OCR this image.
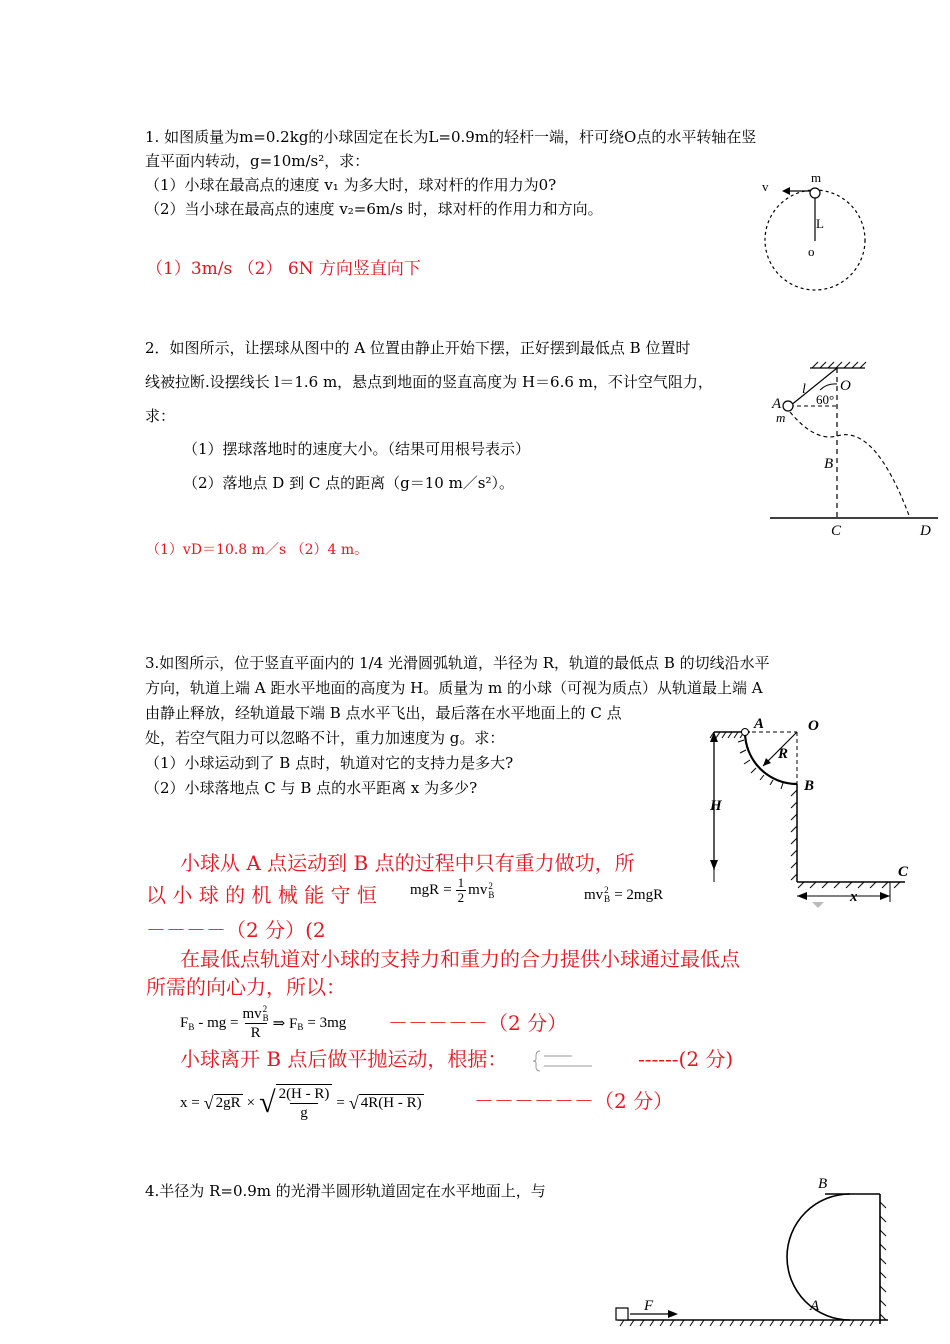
1. 如图质量为m=0.2kg的小球固定在长为L=0.9m的轻杆一端，杆可绕O点的水平转轴在竖
直平面内转动，g=10m/s²，求：
（1）小球在最高点的速度 v₁ 为多大时，球对杆的作用力为0?
（2）当小球在最高点的速度 v₂=6m/s 时，球对杆的作用力和方向。
（1）3m/s （2） 6N 方向竖直向下
v
m
L
o
2．如图所示，让摆球从图中的 A 位置由静止开始下摆，正好摆到最低点 B 位置时
线被拉断.设摆线长 l＝1.6 m，悬点到地面的竖直高度为 H＝6.6 m，不计空气阻力，
求：
（1）摆球落地时的速度大小。（结果可用根号表示）
（2）落地点 D 到 C 点的距离（g＝10 m／s²）。
（1）vD＝10.8 m／s （2）4 m。
l O
60°
A
m
B
C	D
3.如图所示，位于竖直平面内的 1/4 光滑圆弧轨道，半径为 R，轨道的最低点 B 的切线沿水平
方向，轨道上端 A 距水平地面的高度为 H。质量为 m 的小球（可视为质点）从轨道最上端 A
由静止释放，经轨道最下端 B 点水平飞出，最后落在水平地面上的 C 点
处，若空气阻力可以忽略不计，重力加速度为 g。求：
（1）小球运动到了 B 点时，轨道对它的支持力是多大?
（2）小球落地点 C 与 B 点的水平距离 x 为多少?
A	O
R
B
H
C
x
小球从 A 点运动到 B 点的过程中只有重力做功，所
以 小 球 的 机 械 能 守 恒 mgR = $\frac{1}{2}$ mv 2
B	mv 2
B = 2mgR
－－－－（2 分）(2
在最低点轨道对小球的支持力和重力的合力提供小球通过最低点
所需的向心力，所以：
$F_B$ - mg = mv 2
B
R ⇒ $F_B = 3mg -----(2$ 分）
小球离开 B 点后做平抛运动，根据：	------(2 分)
x = √ 2gR × √ $\frac{2(H - R)}{g}$ = √ 4R(H - R)	－－－－－－（2 分）
4.半径为 R=0.9m 的光滑半圆形轨道固定在水平地面上，与	B
A
F
